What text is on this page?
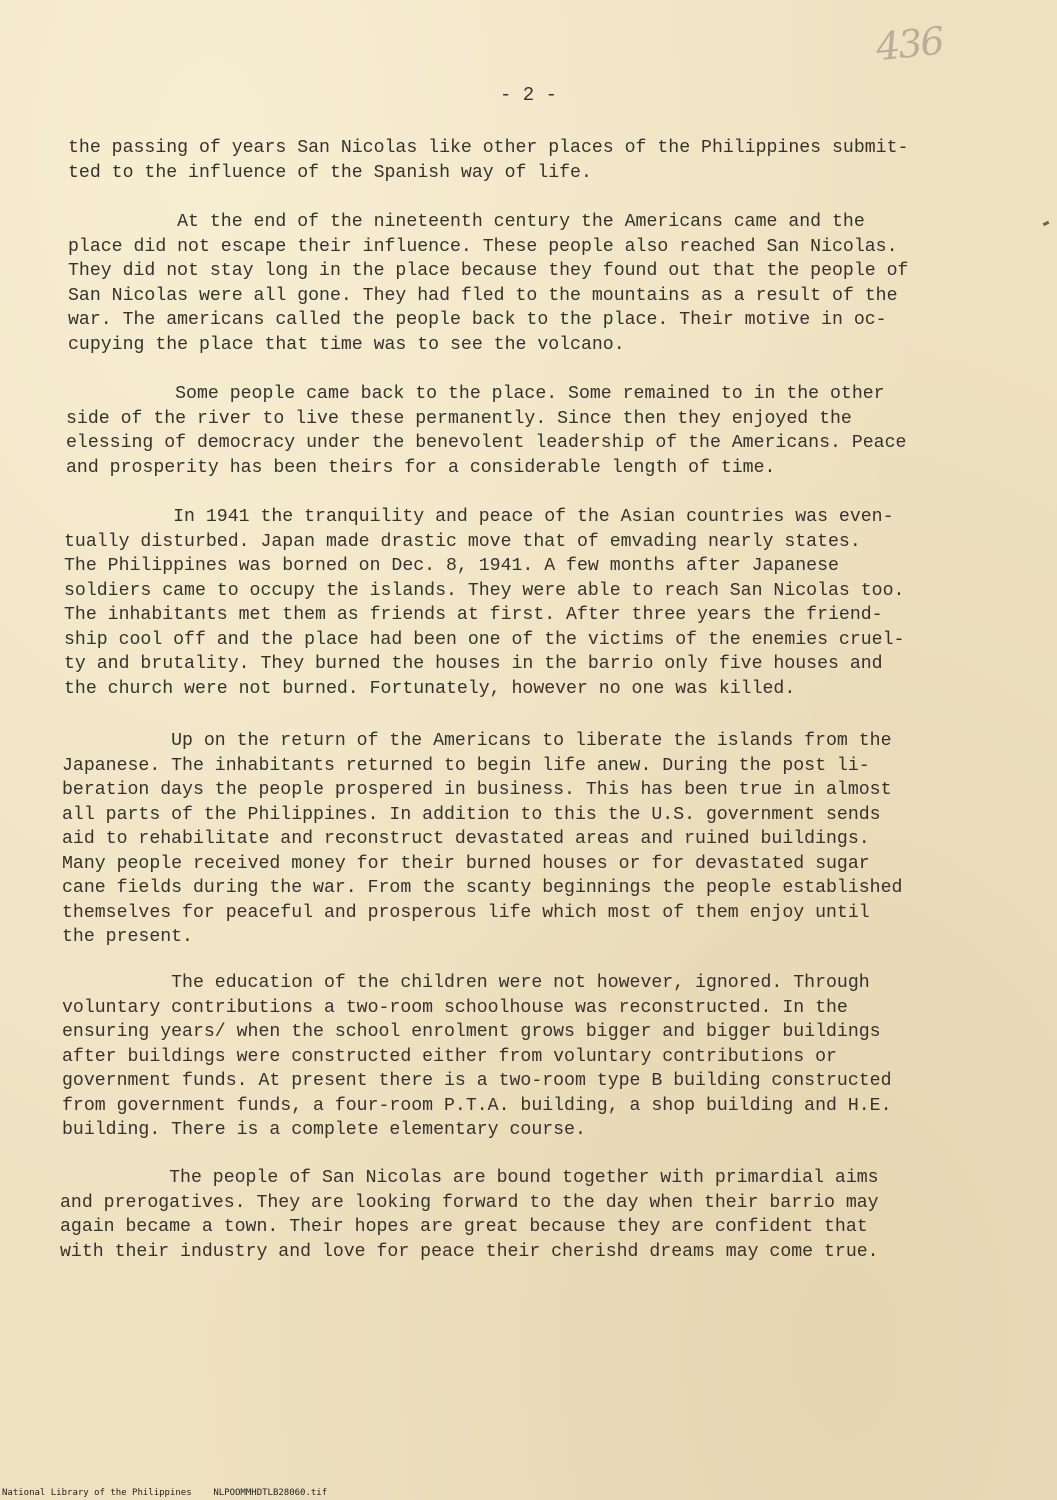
436
- 2 -
the passing of years San Nicolas like other places of the Philippines submit-
ted to the influence of the Spanish way of life.
At the end of the nineteenth century the Americans came and the
place did not escape their influence. These people also reached San Nicolas.
They did not stay long in the place because they found out that the people of
San Nicolas were all gone. They had fled to the mountains as a result of the
war. The americans called the people back to the place. Their motive in oc-
cupying the place that time was to see the volcano.
Some people came back to the place. Some remained to in the other
side of the river to live these permanently. Since then they enjoyed the
elessing of democracy under the benevolent leadership of the Americans. Peace
and prosperity has been theirs for a considerable length of time.
In 1941 the tranquility and peace of the Asian countries was even-
tually disturbed. Japan made drastic move that of emvading nearly states.
The Philippines was borned on Dec. 8, 1941. A few months after Japanese
soldiers came to occupy the islands. They were able to reach San Nicolas too.
The inhabitants met them as friends at first. After three years the friend-
ship cool off and the place had been one of the victims of the enemies cruel-
ty and brutality. They burned the houses in the barrio only five houses and
the church were not burned. Fortunately, however no one was killed.
Up on the return of the Americans to liberate the islands from the
Japanese. The inhabitants returned to begin life anew. During the post li-
beration days the people prospered in business. This has been true in almost
all parts of the Philippines. In addition to this the U.S. government sends
aid to rehabilitate and reconstruct devastated areas and ruined buildings.
Many people received money for their burned houses or for devastated sugar
cane fields during the war. From the scanty beginnings the people established
themselves for peaceful and prosperous life which most of them enjoy until
the present.
The education of the children were not however, ignored. Through
voluntary contributions a two-room schoolhouse was reconstructed. In the
ensuring years/ when the school enrolment grows bigger and bigger buildings
after buildings were constructed either from voluntary contributions or
government funds. At present there is a two-room type B building constructed
from government funds, a four-room P.T.A. building, a shop building and H.E.
building. There is a complete elementary course.
The people of San Nicolas are bound together with primardial aims
and prerogatives. They are looking forward to the day when their barrio may
again became a town. Their hopes are great because they are confident that
with their industry and love for peace their cherishd dreams may come true.
National Library of the Philippines NLPOOMMHDTLB28060.tif
